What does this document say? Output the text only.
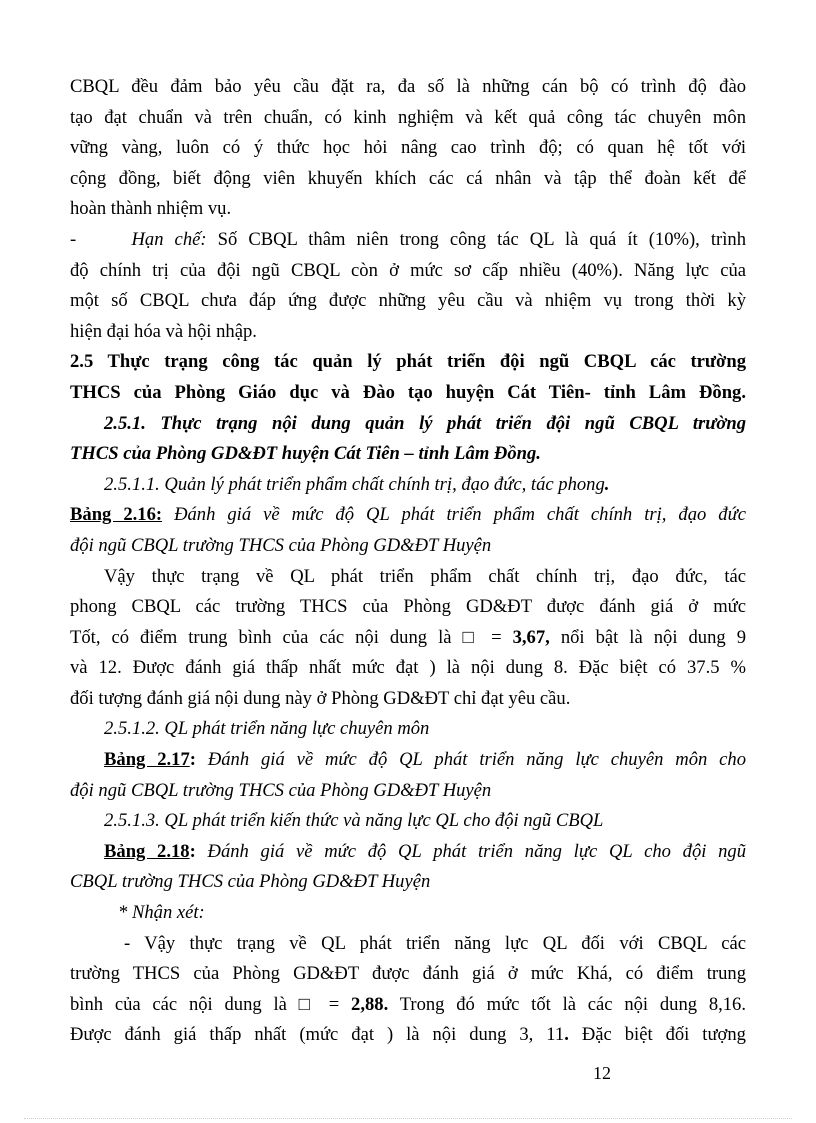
CBQL đều đảm bảo yêu cầu đặt ra, đa số là những cán bộ có trình độ đào
tạo đạt chuẩn và trên chuẩn, có kinh nghiệm và kết quả công tác chuyên môn
vững vàng, luôn có ý thức học hỏi nâng cao trình độ; có quan hệ tốt với
cộng đồng, biết động viên khuyến khích các cá nhân và tập thể đoàn kết để
hoàn thành nhiệm vụ.
-	Hạn chế: Số CBQL thâm niên trong công tác QL là quá ít (10%), trình
độ chính trị của đội ngũ CBQL còn ở mức sơ cấp nhiều (40%). Năng lực của
một số CBQL chưa đáp ứng được những yêu cầu và nhiệm vụ trong thời kỳ
hiện đại hóa và hội nhập.
2.5 Thực trạng công tác quản lý phát triển đội ngũ CBQL các trường
THCS của Phòng Giáo dục và Đào tạo huyện Cát Tiên- tỉnh Lâm Đồng.
2.5.1. Thực trạng nội dung quản lý phát triển đội ngũ CBQL trường
THCS của Phòng GD&ĐT huyện Cát Tiên – tỉnh Lâm Đồng.
2.5.1.1. Quản lý phát triển phẩm chất chính trị, đạo đức, tác phong.
Bảng 2.16: Đánh giá về mức độ QL phát triển phẩm chất chính trị, đạo đức
đội ngũ CBQL trường THCS của Phòng GD&ĐT Huyện
Vậy thực trạng về QL phát triển phẩm chất chính trị, đạo đức, tác
phong CBQL các trường THCS của Phòng GD&ĐT được đánh giá ở mức
Tốt, có điểm trung bình của các nội dung là □ = 3,67, nổi bật là nội dung 9
và 12. Được đánh giá thấp nhất mức đạt ) là nội dung 8. Đặc biệt có 37.5 %
đối tượng đánh giá nội dung này ở Phòng GD&ĐT chỉ đạt yêu cầu.
2.5.1.2. QL phát triển năng lực chuyên môn
Bảng 2.17: Đánh giá về mức độ QL phát triển năng lực chuyên môn cho
đội ngũ CBQL trường THCS của Phòng GD&ĐT Huyện
2.5.1.3. QL phát triển kiến thức và năng lực QL cho đội ngũ CBQL
Bảng 2.18: Đánh giá về mức độ QL phát triển năng lực QL cho đội ngũ
CBQL trường THCS của Phòng GD&ĐT Huyện
* Nhận xét:
- Vậy thực trạng về QL phát triển năng lực QL đối với CBQL các
trường THCS của Phòng GD&ĐT được đánh giá ở mức Khá, có điểm trung
bình của các nội dung là □ = 2,88. Trong đó mức tốt là các nội dung 8,16.
Được đánh giá thấp nhất (mức đạt ) là nội dung 3, 11. Đặc biệt đối tượng
12
